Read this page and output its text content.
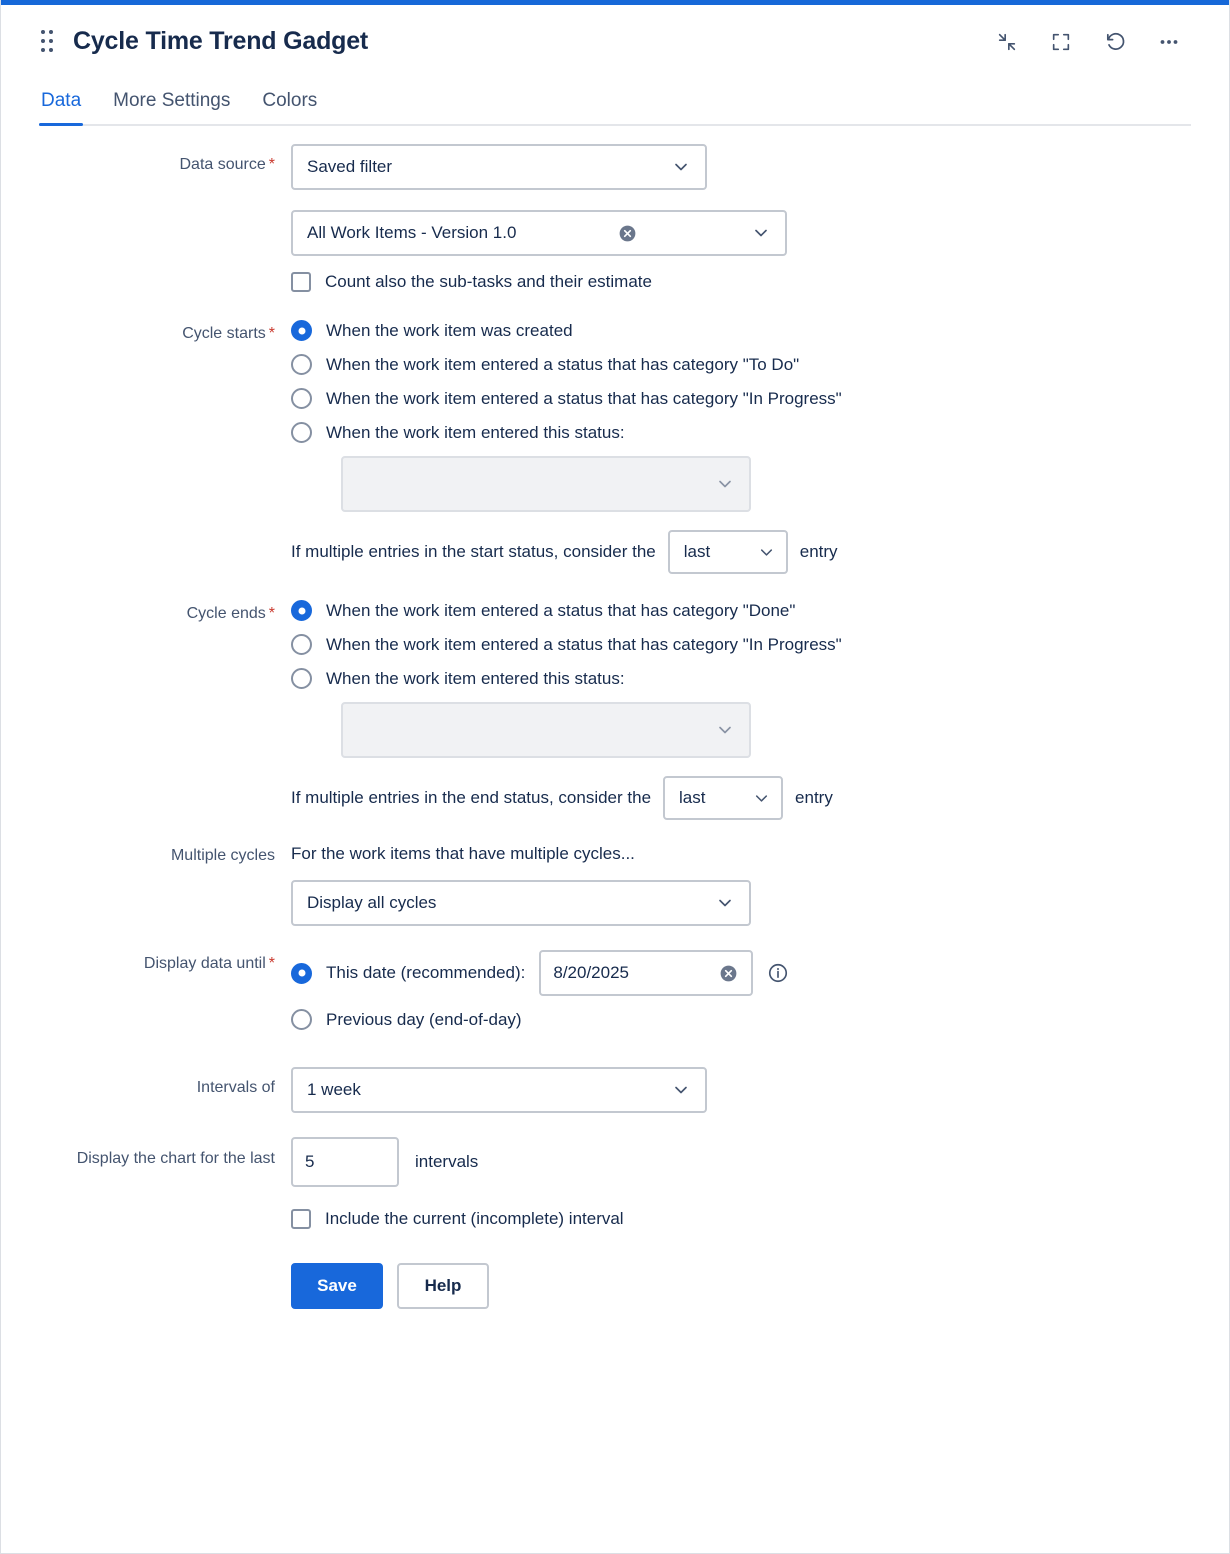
Cycle Time Trend Gadget
Data More Settings Colors
Data source *	Saved filter
All Work Items - Version 1.0
Count also the sub-tasks and their estimate
Cycle starts *	When the work item was created
When the work item entered a status that has category "To Do"
When the work item entered a status that has category "In Progress"
When the work item entered this status:
If multiple entries in the start status, consider the last	entry
Cycle ends *	When the work item entered a status that has category "Done"
When the work item entered a status that has category "In Progress"
When the work item entered this status:
If multiple entries in the end status, consider the last	entry
Multiple cycles For the work items that have multiple cycles...
Display all cycles
Display data until *	This date (recommended): 8/20/2025
Previous day (end-of-day)
Intervals of	1 week
Display the chart for the last	5	intervals
Include the current (incomplete) interval
Save	Help
